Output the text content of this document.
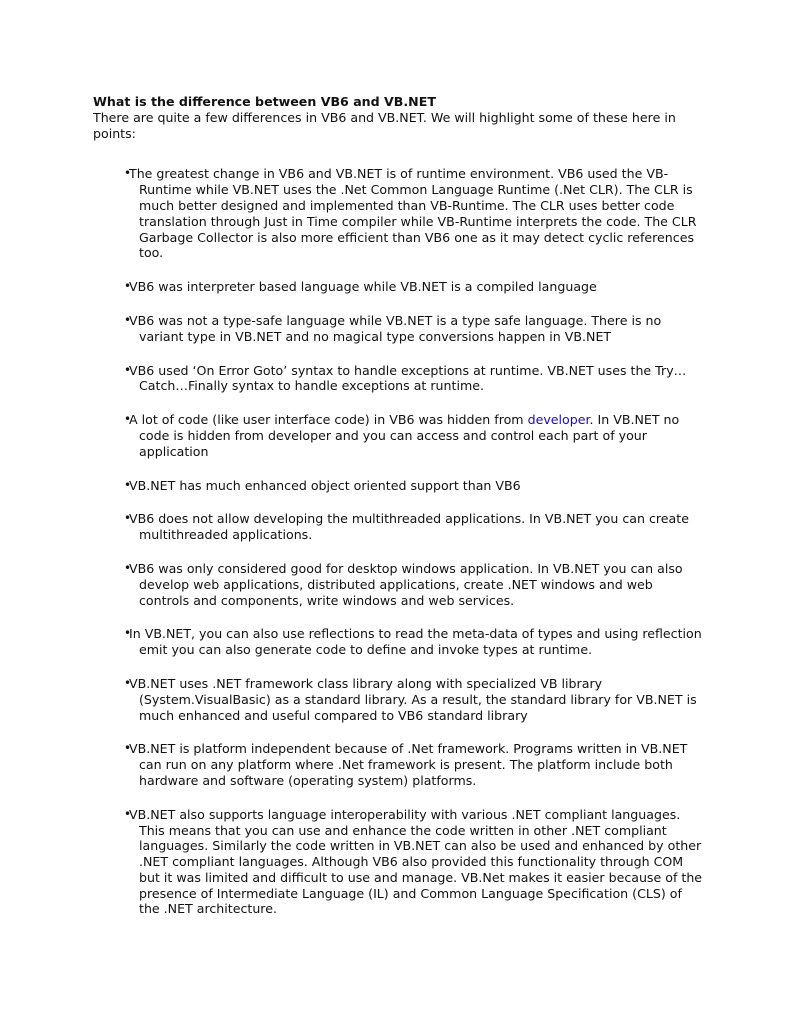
What is the difference between VB6 and VB.NET

There are quite a few differences in VB6 and VB.NET. We will highlight some of these here in points:

•
The greatest change in VB6 and VB.NET is of runtime environment. VB6 used the VB-Runtime while VB.NET uses the .Net Common Language Runtime (.Net CLR). The CLR is much better designed and implemented than VB-Runtime. The CLR uses better code translation through Just in Time compiler while VB-Runtime interprets the code. The CLR Garbage Collector is also more efficient than VB6 one as it may detect cyclic references too.
•
VB6 was interpreter based language while VB.NET is a compiled language
•
VB6 was not a type-safe language while VB.NET is a type safe language. There is no variant type in VB.NET and no magical type conversions happen in VB.NET
•
VB6 used ‘On Error Goto’ syntax to handle exceptions at runtime. VB.NET uses the Try…Catch…Finally syntax to handle exceptions at runtime.
•
A lot of code (like user interface code) in VB6 was hidden from developer. In VB.NET no code is hidden from developer and you can access and control each part of your application
•
VB.NET has much enhanced object oriented support than VB6
•
VB6 does not allow developing the multithreaded applications. In VB.NET you can create multithreaded applications.
•
VB6 was only considered good for desktop windows application. In VB.NET you can also develop web applications, distributed applications, create .NET windows and web controls and components, write windows and web services.
•
In VB.NET, you can also use reflections to read the meta-data of types and using reflection emit you can also generate code to define and invoke types at runtime.
•
VB.NET uses .NET framework class library along with specialized VB library (System.VisualBasic) as a standard library. As a result, the standard library for VB.NET is much enhanced and useful compared to VB6 standard library
•
VB.NET is platform independent because of .Net framework. Programs written in VB.NET can run on any platform where .Net framework is present. The platform include both hardware and software (operating system) platforms.
•
VB.NET also supports language interoperability with various .NET compliant languages. This means that you can use and enhance the code written in other .NET compliant languages. Similarly the code written in VB.NET can also be used and enhanced by other .NET compliant languages. Although VB6 also provided this functionality through COM but it was limited and difficult to use and manage. VB.Net makes it easier because of the presence of Intermediate Language (IL) and Common Language Specification (CLS) of the .NET architecture.
